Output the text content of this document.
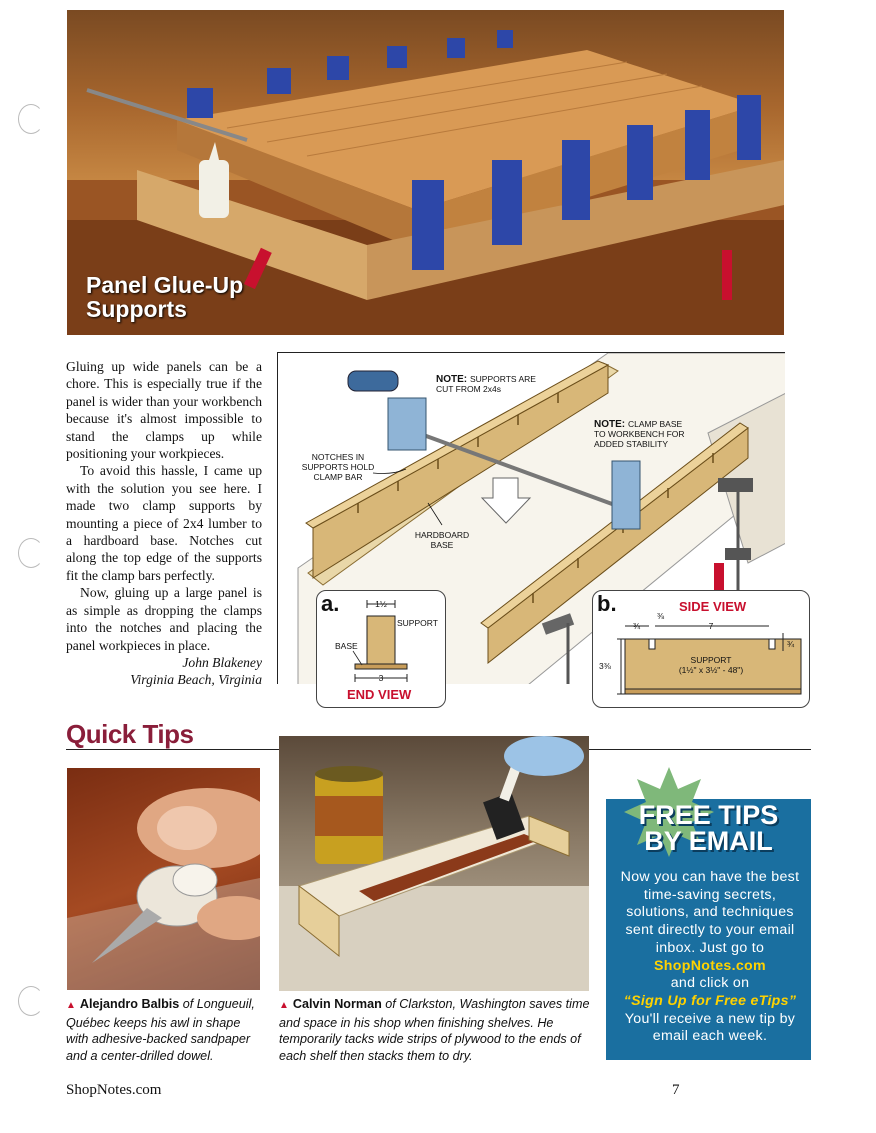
Panel Glue-Up
Supports

Gluing up wide panels can be a chore. This is especially true if the panel is wider than your workbench because it's almost impossible to stand the clamps up while positioning your workpieces.

To avoid this hassle, I came up with the solution you see here. I made two clamp supports by mounting a piece of 2x4 lumber to a hardboard base. Notches cut along the top edge of the supports fit the clamp bars perfectly.

Now, gluing up a large panel is as simple as dropping the clamps into the notches and placing the panel workpieces in place.

John Blakeney
Virginia Beach, Virginia
NOTE: SUPPORTS ARE
CUT FROM 2x4s
NOTE: CLAMP BASE
TO WORKBENCH FOR
ADDED STABILITY
NOTCHES IN
SUPPORTS HOLD
CLAMP BAR
HARDBOARD
BASE
a.	1½
3
SUPPORT
BASE
END VIEW
b.	SIDE VIEW
⅜
¾	7
¾
3⅜
SUPPORT
(1½" x 3½" - 48")
Quick Tips
▲ Alejandro Balbis of Longueuil, Québec keeps his awl in shape with adhesive-backed sandpaper and a center-drilled dowel.
▲ Calvin Norman of Clarkston, Washington saves time and space in his shop when finishing shelves. He temporarily tacks wide strips of plywood to the ends of each shelf then stacks them to dry.
FREE TIPS
BY EMAIL
Now you can have the best time-saving secrets, solutions, and techniques sent directly to your email inbox. Just go to
ShopNotes.com
and click on
“Sign Up for Free eTips”
You'll receive a new tip by email each week.
ShopNotes.com	7
